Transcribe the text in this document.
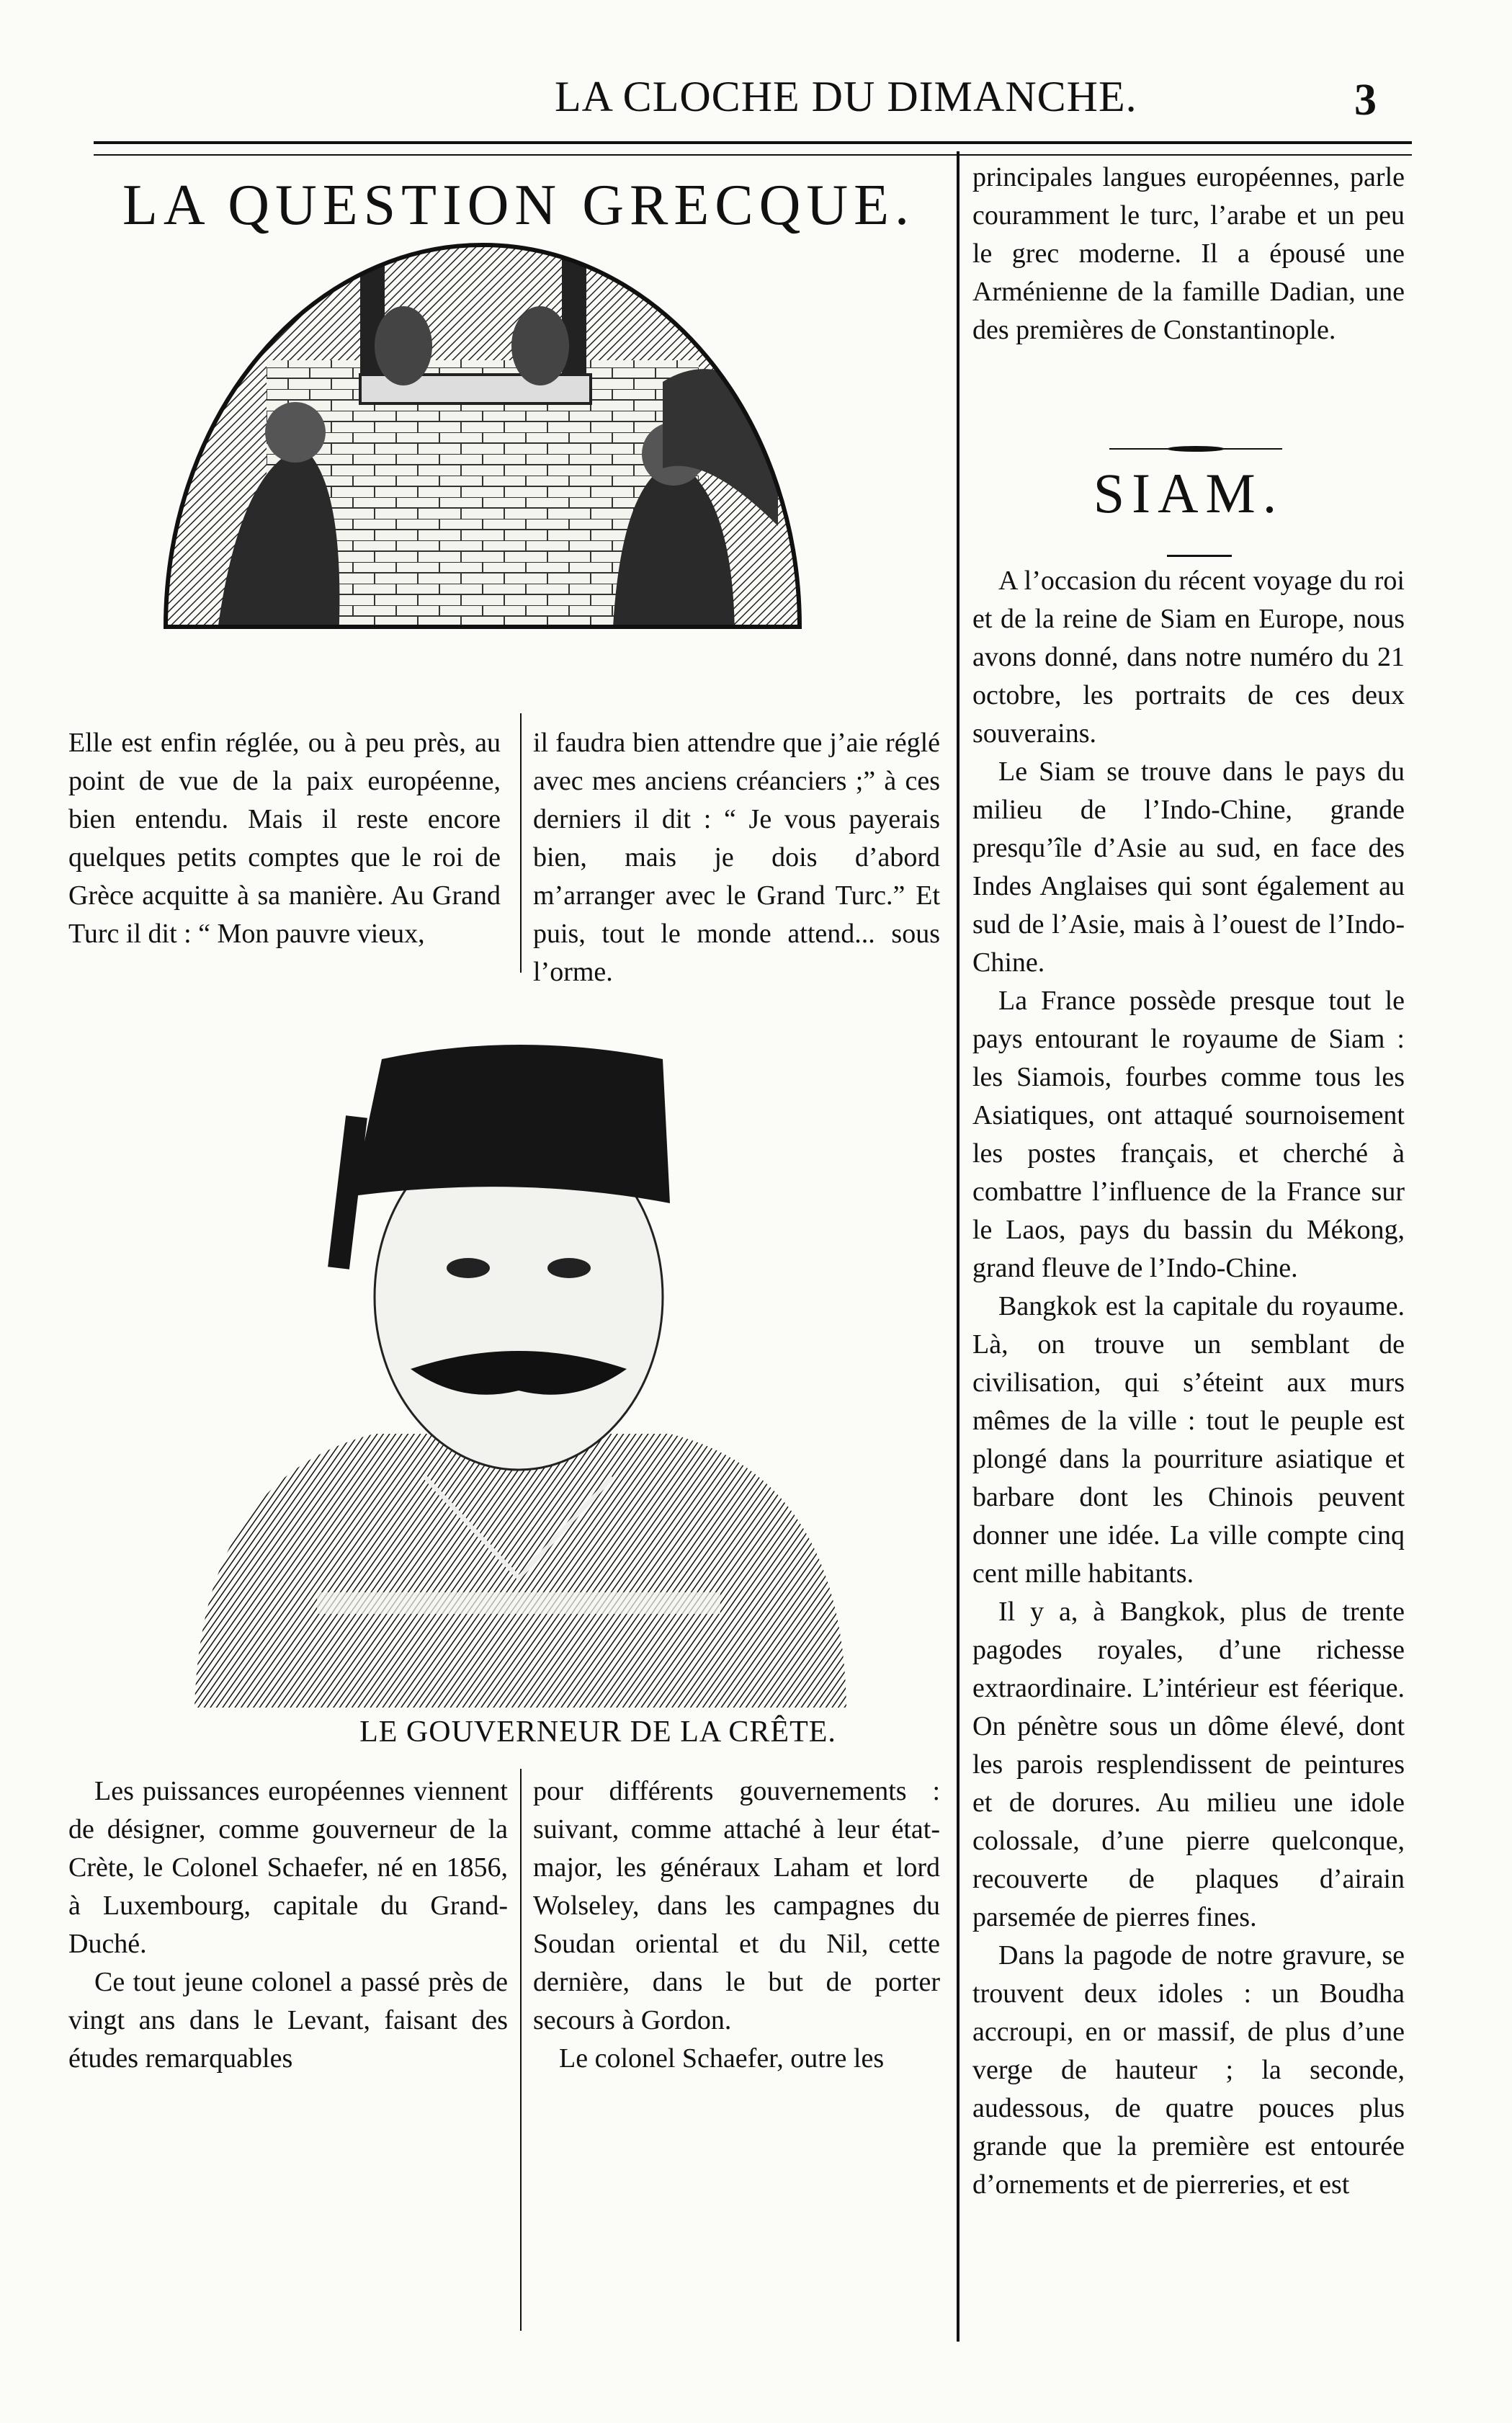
LA CLOCHE DU DIMANCHE.	3
LA QUESTION GRECQUE.
Elle est enfin réglée, ou à peu près, au point de vue de la paix européenne, bien entendu. Mais il reste encore quelques petits comptes que le roi de Grèce acquitte à sa manière. Au Grand Turc il dit : “ Mon pauvre vieux,
il faudra bien attendre que j’aie réglé avec mes anciens créanciers ;” à ces derniers il dit : “ Je vous payerais bien, mais je dois d’abord m’arranger avec le Grand Turc.” Et puis, tout le monde attend... sous l’orme.
LE GOUVERNEUR DE LA CRÊTE.

Les puissances européennes viennent de désigner, comme gouverneur de la Crète, le Colonel Schaefer, né en 1856, à Luxembourg, capitale du Grand-Duché.

Ce tout jeune colonel a passé près de vingt ans dans le Levant, faisant des études remarquables

pour différents gouvernements : suivant, comme attaché à leur état-major, les généraux Laham et lord Wolseley, dans les campagnes du Soudan oriental et du Nil, cette dernière, dans le but de porter secours à Gordon.

Le colonel Schaefer, outre les

principales langues européennes, parle couramment le turc, l’arabe et un peu le grec moderne. Il a épousé une Arménienne de la famille Dadian, une des premières de Constantinople.
SIAM.

A l’occasion du récent voyage du roi et de la reine de Siam en Europe, nous avons donné, dans notre numéro du 21 octobre, les portraits de ces deux souverains.

Le Siam se trouve dans le pays du milieu de l’Indo-Chine, grande presqu’île d’Asie au sud, en face des Indes Anglaises qui sont également au sud de l’Asie, mais à l’ouest de l’Indo-Chine.

La France possède presque tout le pays entourant le royaume de Siam : les Siamois, fourbes comme tous les Asiatiques, ont attaqué sournoisement les postes français, et cherché à combattre l’influence de la France sur le Laos, pays du bassin du Mékong, grand fleuve de l’Indo-Chine.

Bangkok est la capitale du royaume. Là, on trouve un semblant de civilisation, qui s’éteint aux murs mêmes de la ville : tout le peuple est plongé dans la pourriture asiatique et barbare dont les Chinois peuvent donner une idée. La ville compte cinq cent mille habitants.

Il y a, à Bangkok, plus de trente pagodes royales, d’une richesse extraordinaire. L’intérieur est féerique. On pénètre sous un dôme élevé, dont les parois resplendissent de peintures et de dorures. Au milieu une idole colossale, d’une pierre quelconque, recouverte de plaques d’airain parsemée de pierres fines.

Dans la pagode de notre gravure, se trouvent deux idoles : un Boudha accroupi, en or massif, de plus d’une verge de hauteur ; la seconde, audessous, de quatre pouces plus grande que la première est entourée d’ornements et de pierreries, et est
